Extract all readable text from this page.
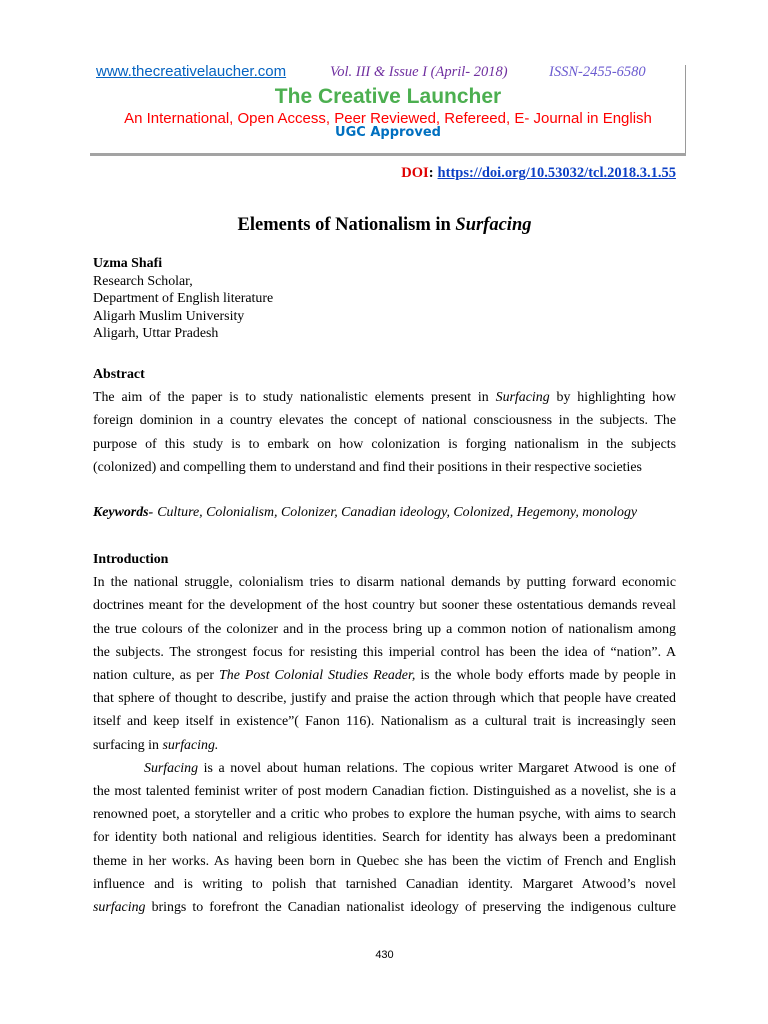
www.thecreativelaucher.com	Vol. III & Issue I (April- 2018)	ISSN-2455-6580
The Creative Launcher
An International, Open Access, Peer Reviewed, Refereed, E- Journal in English
UGC Approved
DOI: https://doi.org/10.53032/tcl.2018.3.1.55
Elements of Nationalism in Surfacing
Uzma Shafi
Research Scholar,
Department of English literature
Aligarh Muslim University
Aligarh, Uttar Pradesh
Abstract
The aim of the paper is to study nationalistic elements present in Surfacing by highlighting how
foreign dominion in a country elevates the concept of national consciousness in the subjects. The
purpose of this study is to embark on how colonization is forging nationalism in the subjects
(colonized) and compelling them to understand and find their positions in their respective societies
Keywords- Culture, Colonialism, Colonizer, Canadian ideology, Colonized, Hegemony, monology
Introduction
In the national struggle, colonialism tries to disarm national demands by putting forward economic
doctrines meant for the development of the host country but sooner these ostentatious demands reveal
the true colours of the colonizer and in the process bring up a common notion of nationalism among
the subjects. The strongest focus for resisting this imperial control has been the idea of “nation”. A
nation culture, as per The Post Colonial Studies Reader, is the whole body efforts made by people in
that sphere of thought to describe, justify and praise the action through which that people have created
itself and keep itself in existence”( Fanon 116). Nationalism as a cultural trait is increasingly seen
surfacing in surfacing.
Surfacing is a novel about human relations. The copious writer Margaret Atwood is one of
the most talented feminist writer of post modern Canadian fiction. Distinguished as a novelist, she is a
renowned poet, a storyteller and a critic who probes to explore the human psyche, with aims to search
for identity both national and religious identities. Search for identity has always been a predominant
theme in her works. As having been born in Quebec she has been the victim of French and English
influence and is writing to polish that tarnished Canadian identity. Margaret Atwood’s novel
surfacing brings to forefront the Canadian nationalist ideology of preserving the indigenous culture
430
